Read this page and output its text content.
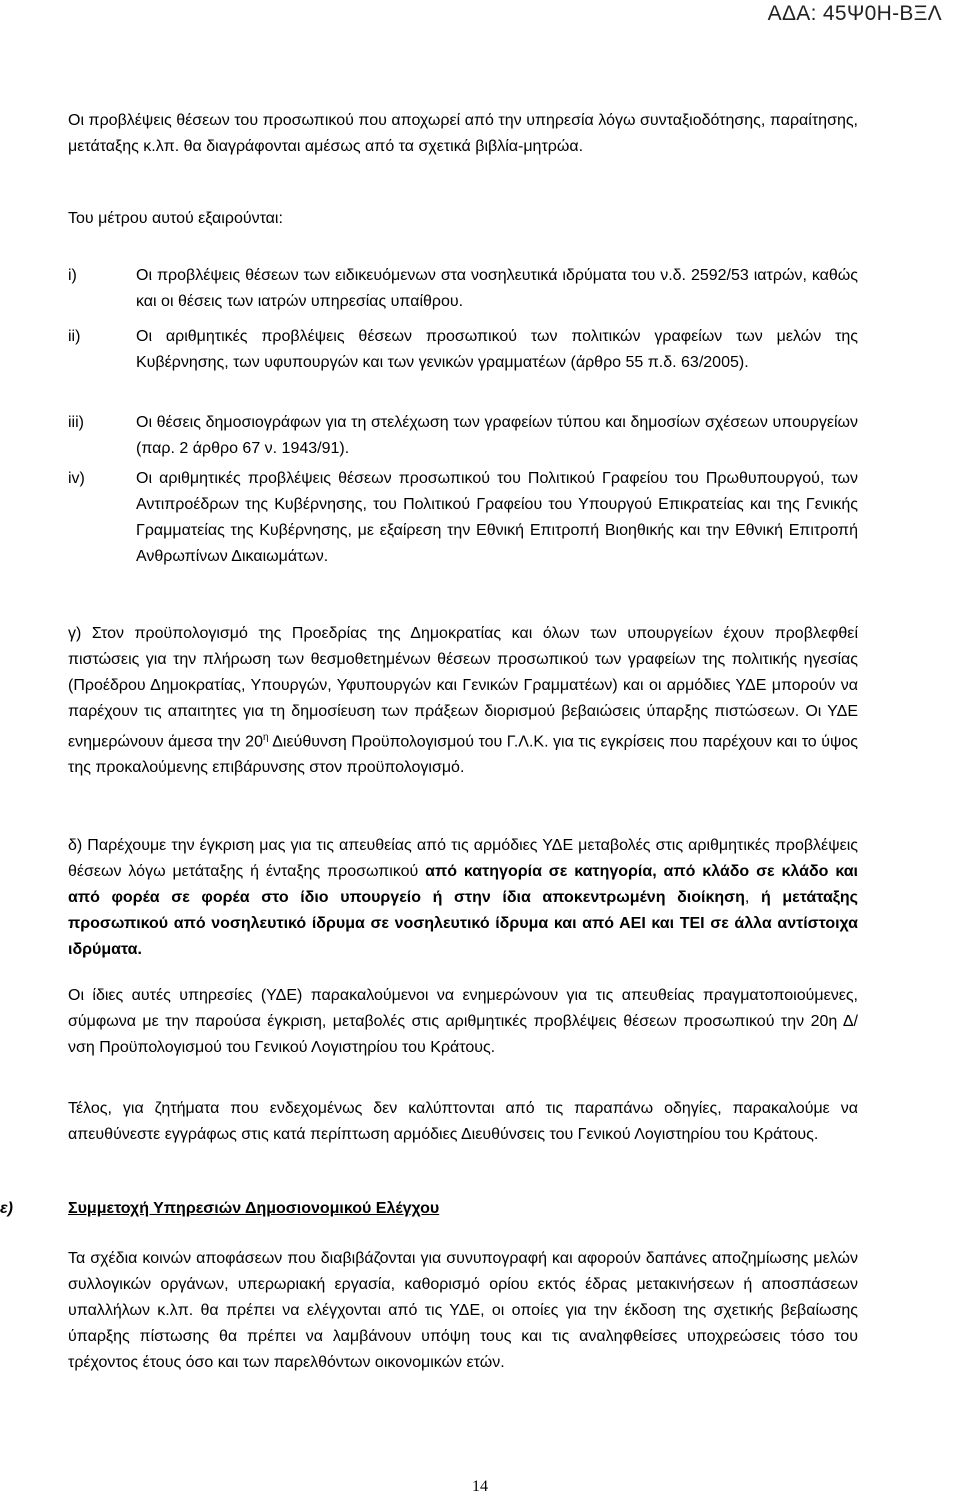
ΑΔΑ: 45Ψ0Η-ΒΞΛ

Οι προβλέψεις θέσεων του προσωπικού που αποχωρεί από την υπηρεσία λόγω συνταξιοδότησης, παραίτησης, μετάταξης κ.λπ. θα διαγράφονται αμέσως από τα σχετικά βιβλία-μητρώα.

Του μέτρου αυτού εξαιρούνται:

i)	Οι προβλέψεις θέσεων των ειδικευόμενων στα νοσηλευτικά ιδρύματα του ν.δ. 2592/53 ιατρών, καθώς και οι θέσεις των ιατρών υπηρεσίας υπαίθρου.
ii)	Οι αριθμητικές προβλέψεις θέσεων προσωπικού των πολιτικών γραφείων των μελών της Κυβέρνησης, των υφυπουργών και των γενικών γραμματέων (άρθρο 55 π.δ. 63/2005).
iii)	Οι θέσεις δημοσιογράφων για τη στελέχωση των γραφείων τύπου και δημοσίων σχέσεων υπουργείων (παρ. 2 άρθρο 67 ν. 1943/91).
iv)	Οι αριθμητικές προβλέψεις θέσεων προσωπικού του Πολιτικού Γραφείου του Πρωθυπουργού, των Αντιπροέδρων της Κυβέρνησης, του Πολιτικού Γραφείου του Υπουργού Επικρατείας και της Γενικής Γραμματείας της Κυβέρνησης, με εξαίρεση την Εθνική Επιτροπή Βιοηθικής και την Εθνική Επιτροπή Ανθρωπίνων Δικαιωμάτων.

γ) Στον προϋπολογισμό της Προεδρίας της Δημοκρατίας και όλων των υπουργείων έχουν προβλεφθεί πιστώσεις για την πλήρωση των θεσμοθετημένων θέσεων προσωπικού των γραφείων της πολιτικής ηγεσίας (Προέδρου Δημοκρατίας, Υπουργών, Υφυπουργών και Γενικών Γραμματέων) και οι αρμόδιες ΥΔΕ μπορούν να παρέχουν τις απαιτητες για τη δημοσίευση των πράξεων διορισμού βεβαιώσεις ύπαρξης πιστώσεων. Οι ΥΔΕ ενημερώνουν άμεσα την $20^\eta$ Διεύθυνση Προϋπολογισμού του Γ.Λ.Κ. για τις εγκρίσεις που παρέχουν και το ύψος της προκαλούμενης επιβάρυνσης στον προϋπολογισμό.

δ) Παρέχουμε την έγκριση μας για τις απευθείας από τις αρμόδιες ΥΔΕ μεταβολές στις αριθμητικές προβλέψεις θέσεων λόγω μετάταξης ή ένταξης προσωπικού από κατηγορία σε κατηγορία, από κλάδο σε κλάδο και από φορέα σε φορέα στο ίδιο υπουργείο ή στην ίδια αποκεντρωμένη διοίκηση, ή μετάταξης προσωπικού από νοσηλευτικό ίδρυμα σε νοσηλευτικό ίδρυμα και από ΑΕΙ και ΤΕΙ σε άλλα αντίστοιχα ιδρύματα.

Οι ίδιες αυτές υπηρεσίες (ΥΔΕ) παρακαλούμενοι να ενημερώνουν για τις απευθείας πραγματοποιούμενες, σύμφωνα με την παρούσα έγκριση, μεταβολές στις αριθμητικές προβλέψεις θέσεων προσωπικού την 20η Δ/νση Προϋπολογισμού του Γενικού Λογιστηρίου του Κράτους.

Τέλος, για ζητήματα που ενδεχομένως δεν καλύπτονται από τις παραπάνω οδηγίες, παρακαλούμε να απευθύνεστε εγγράφως στις κατά περίπτωση αρμόδιες Διευθύνσεις του Γενικού Λογιστηρίου του Κράτους.

ε)	Συμμετοχή Υπηρεσιών Δημοσιονομικού Ελέγχου

Τα σχέδια κοινών αποφάσεων που διαβιβάζονται για συνυπογραφή και αφορούν δαπάνες αποζημίωσης μελών συλλογικών οργάνων, υπερωριακή εργασία, καθορισμό ορίου εκτός έδρας μετακινήσεων ή αποσπάσεων υπαλλήλων κ.λπ. θα πρέπει να ελέγχονται από τις ΥΔΕ, οι οποίες για την έκδοση της σχετικής βεβαίωσης ύπαρξης πίστωσης θα πρέπει να λαμβάνουν υπόψη τους και τις αναληφθείσες υποχρεώσεις τόσο του τρέχοντος έτους όσο και των παρελθόντων οικονομικών ετών.

14
